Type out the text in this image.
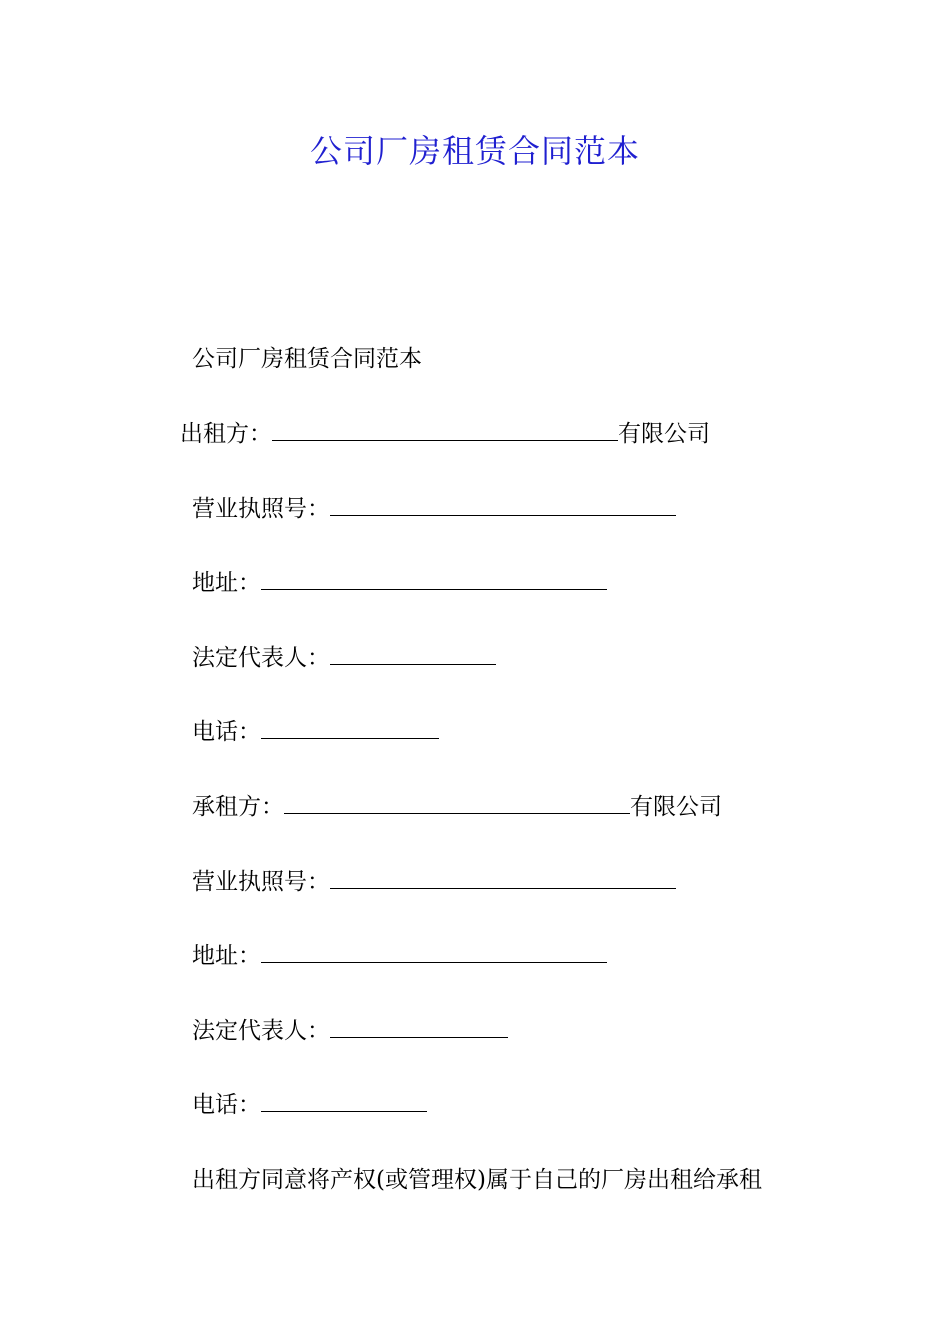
公司厂房租赁合同范本
公司厂房租赁合同范本
出租方：	有限公司
营业执照号：
地址：
法定代表人：
电话：
承租方：	有限公司
营业执照号：
地址：
法定代表人：
电话：
出租方同意将产权(或管理权)属于自己的厂房出租给承租
